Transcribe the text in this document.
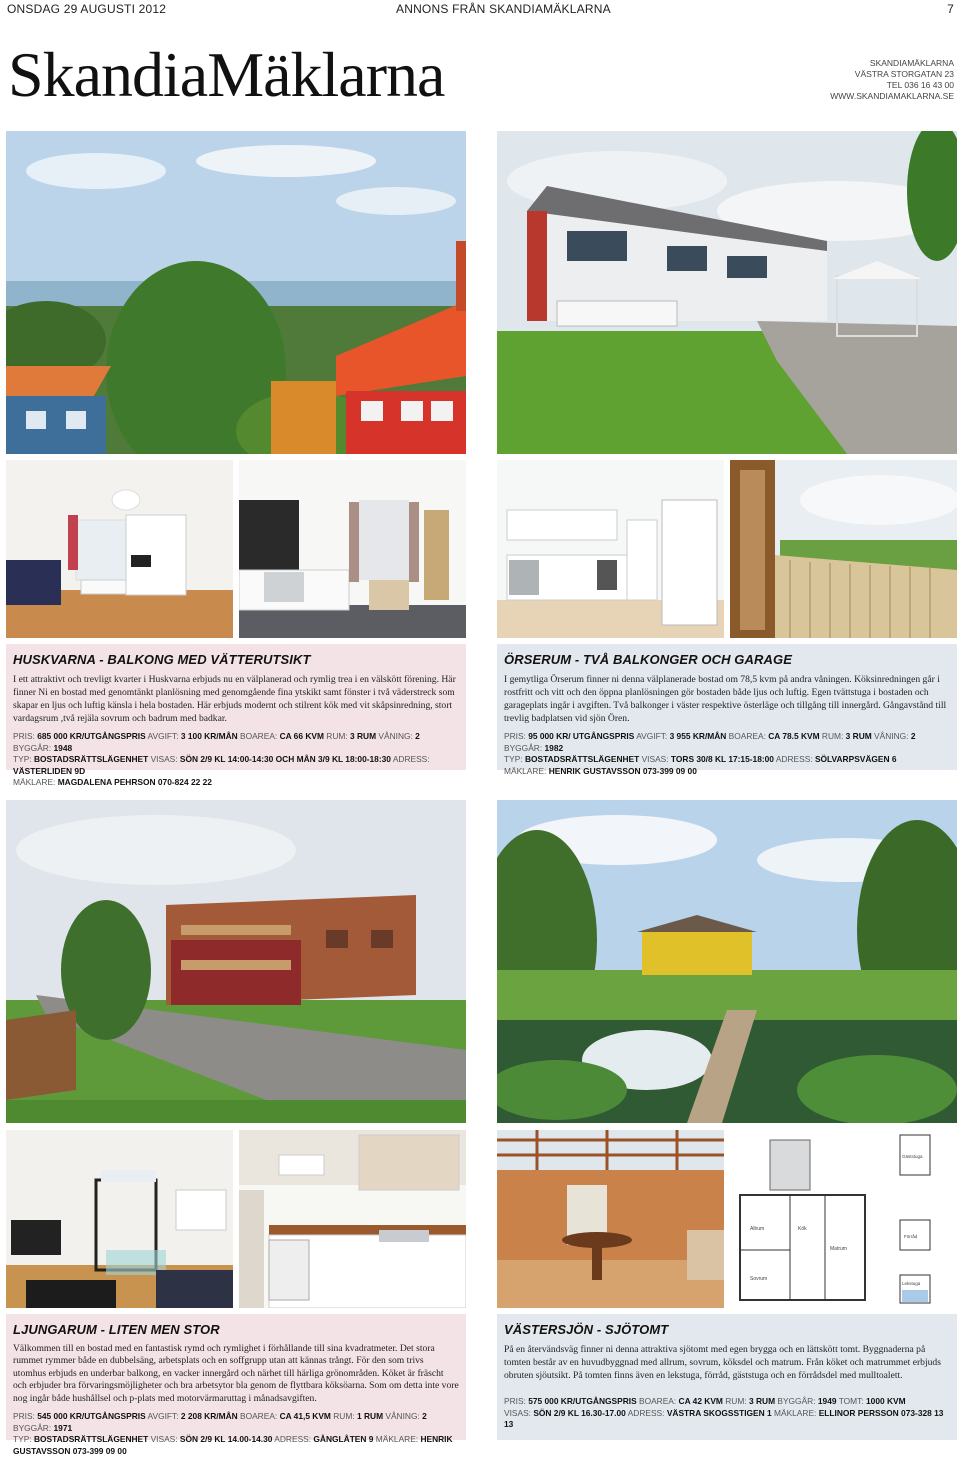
ONSDAG 29 AUGUSTI 2012	ANNONS FRÅN SKANDIAMÄKLARNA	7
SkandiaMäklarna	SKANDIAMÄKLARNA
VÄSTRA STORGATAN 23
TEL 036 16 43 00
WWW.SKANDIAMAKLARNA.SE
HUSKVARNA - BALKONG MED VÄTTERUTSIKT

I ett attraktivt och trevligt kvarter i Huskvarna erbjuds nu en välplanerad och rymlig trea i en välskött förening. Här finner Ni en bostad med genomtänkt planlösning med genomgående fina ytskikt samt fönster i två väderstreck som skapar en ljus och luftig känsla i hela bostaden. Här erbjuds modernt och stilrent kök med vit skåpsinredning, stort vardagsrum ,två rejäla sovrum och badrum med badkar.

PRIS: 685 000 KR/UTGÅNGSPRIS AVGIFT: 3 100 KR/MÅN BOAREA: CA 66 KVM RUM: 3 RUM VÅNING: 2 BYGGÅR: 1948
TYP: BOSTADSRÄTTSLÄGENHET VISAS: SÖN 2/9 KL 14:00-14:30 OCH MÅN 3/9 KL 18:00-18:30 ADRESS: VÄSTERLIDEN 9D
MÄKLARE: MAGDALENA PEHRSON 070-824 22 22
ÖRSERUM - TVÅ BALKONGER OCH GARAGE

I gemytliga Örserum finner ni denna välplanerade bostad om 78,5 kvm på andra våningen. Köksinredningen går i rostfritt och vitt och den öppna planlösningen gör bostaden både ljus och luftig. Egen tvättstuga i bostaden och garageplats ingår i avgiften. Två balkonger i väster respektive österläge och tillgång till innergård. Gångavstånd till trevlig badplatsen vid sjön Ören.

PRIS: 95 000 KR/ UTGÅNGSPRIS AVGIFT: 3 955 KR/MÅN BOAREA: CA 78.5 KVM RUM: 3 RUM VÅNING: 2 BYGGÅR: 1982
TYP: BOSTADSRÄTTSLÄGENHET VISAS: TORS 30/8 KL 17:15-18:00 ADRESS: SÖLVARPSVÄGEN 6
MÄKLARE: HENRIK GUSTAVSSON 073-399 09 00
Allrum
Sovrum
Kök
Matrum
Gäststuga
Förråd
Lekstuga
LJUNGARUM - LITEN MEN STOR

Välkommen till en bostad med en fantastisk rymd och rymlighet i förhållande till sina kvadratmeter. Det stora rummet rymmer både en dubbelsäng, arbetsplats och en soffgrupp utan att kännas trångt. För den som trivs utomhus erbjuds en underbar balkong, en vacker innergård och närhet till härliga grönområden. Köket är fräscht och erbjuder bra förvaringsmöjligheter och bra arbetsytor bla genom de flyttbara köksöarna. Som om detta inte vore nog ingår både hushållsel och p-plats med motorvärmaruttag i månadsavgiften.

PRIS: 545 000 KR/UTGÅNGSPRIS AVGIFT: 2 208 KR/MÅN BOAREA: CA 41,5 KVM RUM: 1 RUM VÅNING: 2 BYGGÅR: 1971
TYP: BOSTADSRÄTTSLÄGENHET VISAS: SÖN 2/9 KL 14.00-14.30 ADRESS: GÅNGLÅTEN 9 MÄKLARE: HENRIK GUSTAVSSON 073-399 09 00
VÄSTERSJÖN - SJÖTOMT

På en återvändsväg finner ni denna attraktiva sjötomt med egen brygga och en lättskött tomt. Byggnaderna på tomten består av en huvudbyggnad med allrum, sovrum, köksdel och matrum. Från köket och matrummet erbjuds obruten sjöutsikt. På tomten finns även en lekstuga, förråd, gäststuga och en förrådsdel med mulltoalett.

PRIS: 575 000 KR/UTGÅNGSPRIS BOAREA: CA 42 KVM RUM: 3 RUM BYGGÅR: 1949 TOMT: 1000 KVM
VISAS: SÖN 2/9 KL 16.30-17.00 ADRESS: VÄSTRA SKOGSSTIGEN 1 MÄKLARE: ELLINOR PERSSON 073-328 13 13
